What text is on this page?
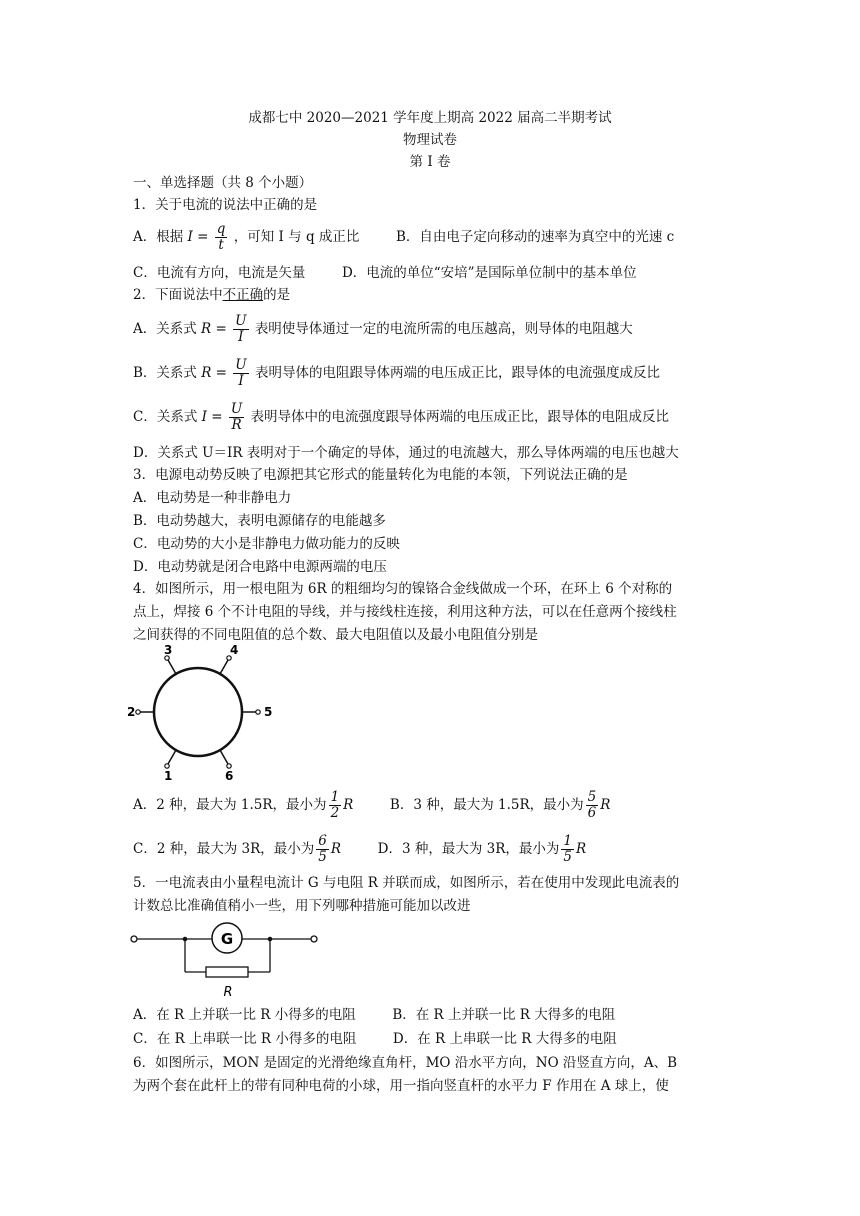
成都七中 2020—2021 学年度上期高 2022 届高二半期考试
物理试卷
第 I 卷
一、单选择题（共 8 个小题）
1．关于电流的说法中正确的是
A．根据 $I = \frac{q}{t}$ ，可知 I 与 q 成正比	B．自由电子定向移动的速率为真空中的光速 c
C．电流有方向，电流是矢量	D．电流的单位“安培”是国际单位制中的基本单位
2．下面说法中不正确的是
A．关系式 $R = \frac{U}{I}$ 表明使导体通过一定的电流所需的电压越高，则导体的电阻越大
B．关系式 $R = \frac{U}{I}$ 表明导体的电阻跟导体两端的电压成正比，跟导体的电流强度成反比
C．关系式 $I = \frac{U}{R}$ 表明导体中的电流强度跟导体两端的电压成正比，跟导体的电阻成反比
D．关系式 U＝IR 表明对于一个确定的导体，通过的电流越大，那么导体两端的电压也越大
3．电源电动势反映了电源把其它形式的能量转化为电能的本领，下列说法正确的是
A．电动势是一种非静电力
B．电动势越大，表明电源储存的电能越多
C．电动势的大小是非静电力做功能力的反映
D．电动势就是闭合电路中电源两端的电压
4．如图所示，用一根电阻为 6R 的粗细均匀的镍铬合金线做成一个环，在环上 6 个对称的
点上，焊接 6 个不计电阻的导线，并与接线柱连接，利用这种方法，可以在任意两个接线柱
之间获得的不同电阻值的总个数、最大电阻值以及最小电阻值分别是
3	4
2	5
1	6
A．2 种，最大为 1.5R，最小为 $\frac{1}{2}$ R	B．3 种，最大为 1.5R，最小为 $\frac{5}{6}$ R
C．2 种，最大为 3R，最小为 $\frac{6}{5}$ R	D．3 种，最大为 3R，最小为 $\frac{1}{5}$ R
5．一电流表由小量程电流计 G 与电阻 R 并联而成，如图所示，若在使用中发现此电流表的
计数总比准确值稍小一些，用下列哪种措施可能加以改进
G
R
A．在 R 上并联一比 R 小得多的电阻	B．在 R 上并联一比 R 大得多的电阻
C．在 R 上串联一比 R 小得多的电阻	D．在 R 上串联一比 R 大得多的电阻
6．如图所示，MON 是固定的光滑绝缘直角杆，MO 沿水平方向，NO 沿竖直方向，A、B
为两个套在此杆上的带有同种电荷的小球，用一指向竖直杆的水平力 F 作用在 A 球上，使
